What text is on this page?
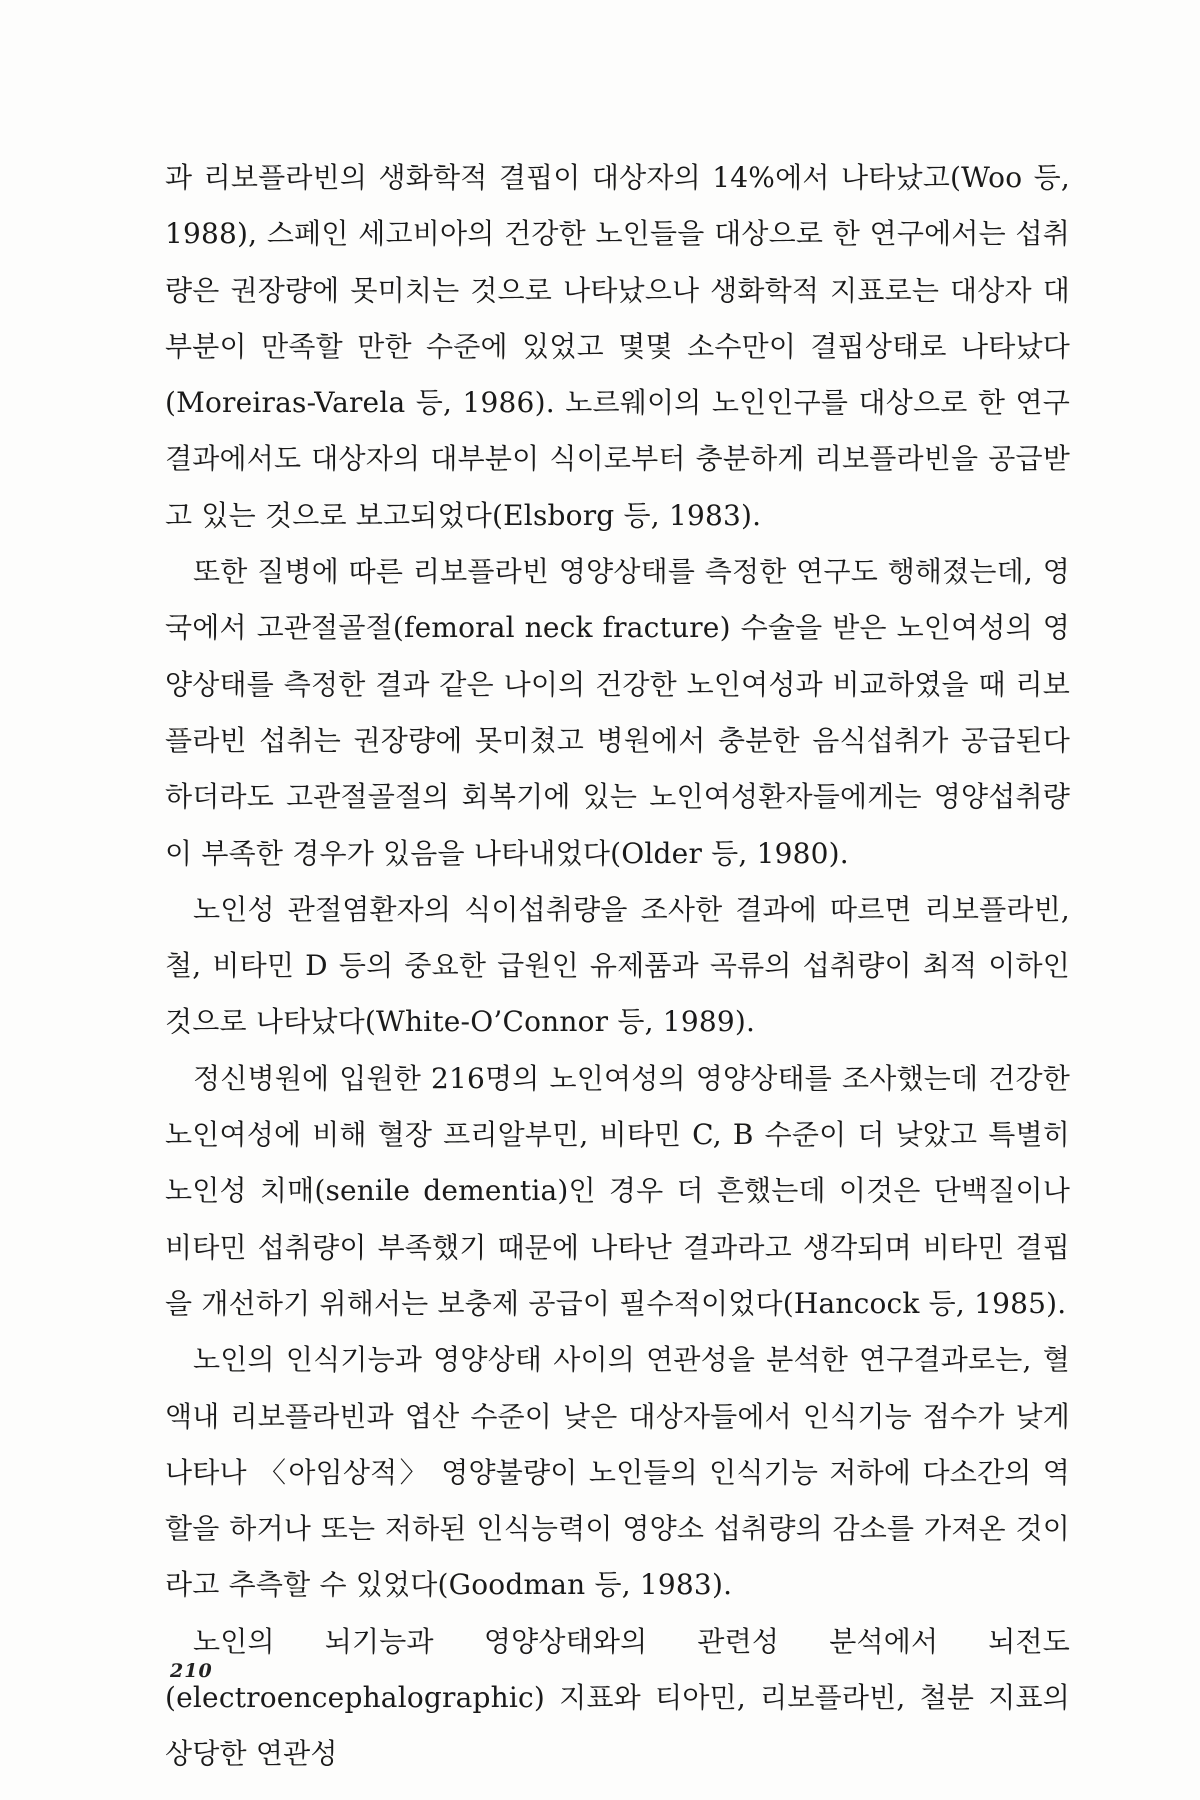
과 리보플라빈의 생화학적 결핍이 대상자의 14%에서 나타났고(Woo 등, 1988), 스페인 세고비아의 건강한 노인들을 대상으로 한 연구에서는 섭취량은 권장량에 못미치는 것으로 나타났으나 생화학적 지표로는 대상자 대부분이 만족할 만한 수준에 있었고 몇몇 소수만이 결핍상태로 나타났다(Moreiras-Varela 등, 1986). 노르웨이의 노인인구를 대상으로 한 연구결과에서도 대상자의 대부분이 식이로부터 충분하게 리보플라빈을 공급받고 있는 것으로 보고되었다(Elsborg 등, 1983).

또한 질병에 따른 리보플라빈 영양상태를 측정한 연구도 행해졌는데, 영국에서 고관절골절(femoral neck fracture) 수술을 받은 노인여성의 영양상태를 측정한 결과 같은 나이의 건강한 노인여성과 비교하였을 때 리보플라빈 섭취는 권장량에 못미쳤고 병원에서 충분한 음식섭취가 공급된다 하더라도 고관절골절의 회복기에 있는 노인여성환자들에게는 영양섭취량이 부족한 경우가 있음을 나타내었다(Older 등, 1980).

노인성 관절염환자의 식이섭취량을 조사한 결과에 따르면 리보플라빈, 철, 비타민 D 등의 중요한 급원인 유제품과 곡류의 섭취량이 최적 이하인 것으로 나타났다(White-O’Connor 등, 1989).

정신병원에 입원한 216명의 노인여성의 영양상태를 조사했는데 건강한 노인여성에 비해 혈장 프리알부민, 비타민 C, B 수준이 더 낮았고 특별히 노인성 치매(senile dementia)인 경우 더 흔했는데 이것은 단백질이나 비타민 섭취량이 부족했기 때문에 나타난 결과라고 생각되며 비타민 결핍을 개선하기 위해서는 보충제 공급이 필수적이었다(Hancock 등, 1985).

노인의 인식기능과 영양상태 사이의 연관성을 분석한 연구결과로는, 혈액내 리보플라빈과 엽산 수준이 낮은 대상자들에서 인식기능 점수가 낮게 나타나 〈아임상적〉 영양불량이 노인들의 인식기능 저하에 다소간의 역할을 하거나 또는 저하된 인식능력이 영양소 섭취량의 감소를 가져온 것이라고 추측할 수 있었다(Goodman 등, 1983).

노인의 뇌기능과 영양상태와의 관련성 분석에서 뇌전도(electroencephalographic) 지표와 티아민, 리보플라빈, 철분 지표의 상당한 연관성

210
